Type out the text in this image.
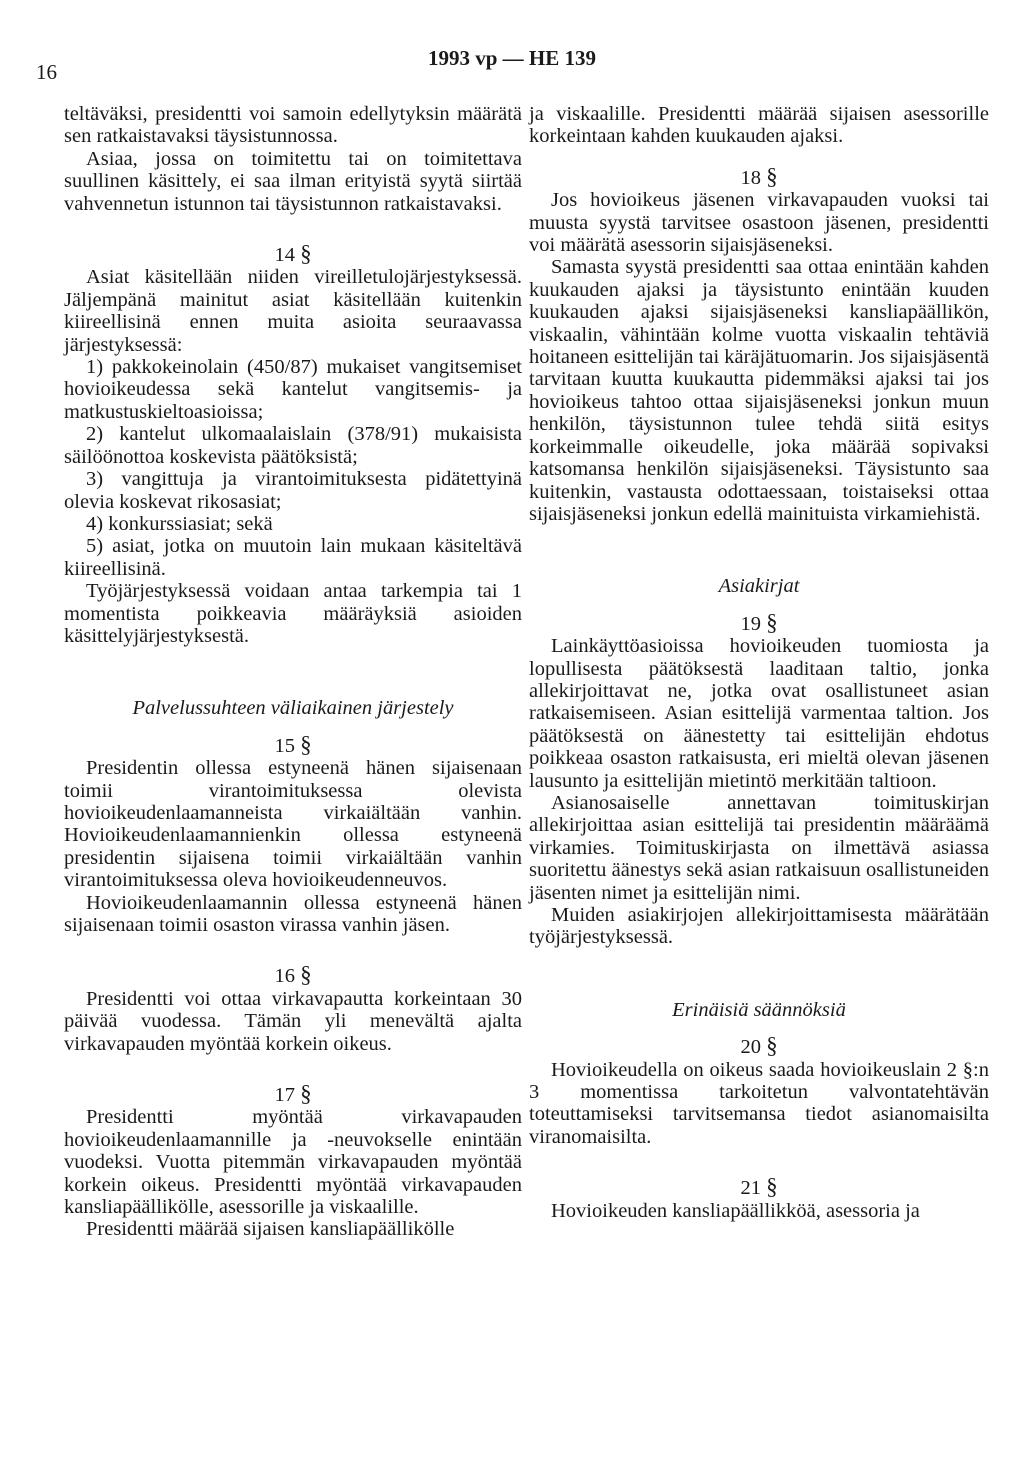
16
1993 vp — HE 139

teltäväksi, presidentti voi samoin edellytyksin määrätä sen ratkaistavaksi täysistunnossa.

Asiaa, jossa on toimitettu tai on toimitettava suullinen käsittely, ei saa ilman erityistä syytä siirtää vahvennetun istunnon tai täysistunnon ratkaistavaksi.

14 §

Asiat käsitellään niiden vireilletulojärjestyksessä. Jäljempänä mainitut asiat käsitellään kuitenkin kiireellisinä ennen muita asioita seuraavassa järjestyksessä:

1) pakkokeinolain (450/87) mukaiset vangitsemiset hovioikeudessa sekä kantelut vangitsemis- ja matkustuskieltoasioissa;

2) kantelut ulkomaalaislain (378/91) mukaisista säilöönottoa koskevista päätöksistä;

3) vangittuja ja virantoimituksesta pidätettyinä olevia koskevat rikosasiat;

4) konkurssiasiat; sekä

5) asiat, jotka on muutoin lain mukaan käsiteltävä kiireellisinä.

Työjärjestyksessä voidaan antaa tarkempia tai 1 momentista poikkeavia määräyksiä asioiden käsittelyjärjestyksestä.

Palvelussuhteen väliaikainen järjestely

15 §

Presidentin ollessa estyneenä hänen sijaisenaan toimii virantoimituksessa olevista hovioikeudenlaamanneista virkaiältään vanhin. Hovioikeudenlaamannienkin ollessa estyneenä presidentin sijaisena toimii virkaiältään vanhin virantoimituksessa oleva hovioikeudenneuvos.

Hovioikeudenlaamannin ollessa estyneenä hänen sijaisenaan toimii osaston virassa vanhin jäsen.

16 §

Presidentti voi ottaa virkavapautta korkeintaan 30 päivää vuodessa. Tämän yli menevältä ajalta virkavapauden myöntää korkein oikeus.

17 §

Presidentti myöntää virkavapauden hovioikeudenlaamannille ja -neuvokselle enintään vuodeksi. Vuotta pitemmän virkavapauden myöntää korkein oikeus. Presidentti myöntää virkavapauden kansliapäällikölle, asessorille ja viskaalille.

Presidentti määrää sijaisen kansliapäällikölle

ja viskaalille. Presidentti määrää sijaisen asessorille korkeintaan kahden kuukauden ajaksi.

18 §

Jos hovioikeus jäsenen virkavapauden vuoksi tai muusta syystä tarvitsee osastoon jäsenen, presidentti voi määrätä asessorin sijaisjäseneksi.

Samasta syystä presidentti saa ottaa enintään kahden kuukauden ajaksi ja täysistunto enintään kuuden kuukauden ajaksi sijaisjäseneksi kansliapäällikön, viskaalin, vähintään kolme vuotta viskaalin tehtäviä hoitaneen esittelijän tai käräjätuomarin. Jos sijaisjäsentä tarvitaan kuutta kuukautta pidemmäksi ajaksi tai jos hovioikeus tahtoo ottaa sijaisjäseneksi jonkun muun henkilön, täysistunnon tulee tehdä siitä esitys korkeimmalle oikeudelle, joka määrää sopivaksi katsomansa henkilön sijaisjäseneksi. Täysistunto saa kuitenkin, vastausta odottaessaan, toistaiseksi ottaa sijaisjäseneksi jonkun edellä mainituista virkamiehistä.

Asiakirjat

19 §

Lainkäyttöasioissa hovioikeuden tuomiosta ja lopullisesta päätöksestä laaditaan taltio, jonka allekirjoittavat ne, jotka ovat osallistuneet asian ratkaisemiseen. Asian esittelijä varmentaa taltion. Jos päätöksestä on äänestetty tai esittelijän ehdotus poikkeaa osaston ratkaisusta, eri mieltä olevan jäsenen lausunto ja esittelijän mietintö merkitään taltioon.

Asianosaiselle annettavan toimituskirjan allekirjoittaa asian esittelijä tai presidentin määräämä virkamies. Toimituskirjasta on ilmettävä asiassa suoritettu äänestys sekä asian ratkaisuun osallistuneiden jäsenten nimet ja esittelijän nimi.

Muiden asiakirjojen allekirjoittamisesta määrätään työjärjestyksessä.

Erinäisiä säännöksiä

20 §

Hovioikeudella on oikeus saada hovioikeuslain 2 §:n 3 momentissa tarkoitetun valvontatehtävän toteuttamiseksi tarvitsemansa tiedot asianomaisilta viranomaisilta.

21 §

Hovioikeuden kansliapäällikköä, asessoria ja
